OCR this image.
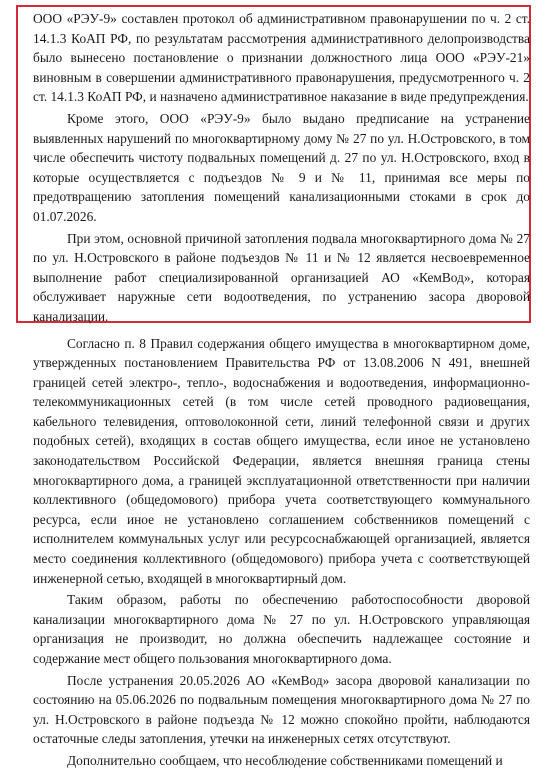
ООО «РЭУ-9» составлен протокол об административном правонарушении по ч. 2 ст. 14.1.3 КоАП РФ, по результатам рассмотрения административного делопроизводства было вынесено постановление о признании должностного лица ООО «РЭУ-21» виновным в совершении административного правонарушения, предусмотренного ч. 2 ст. 14.1.3 КоАП РФ, и назначено административное наказание в виде предупреждения.

Кроме этого, ООО «РЭУ-9» было выдано предписание на устранение выявленных нарушений по многоквартирному дому № 27 по ул. Н.Островского, в том числе обеспечить чистоту подвальных помещений д. 27 по ул. Н.Островского, вход в которые осуществляется с подъездов № 9 и № 11, принимая все меры по предотвращению затопления помещений канализационными стоками в срок до 01.07.2026.

При этом, основной причиной затопления подвала многоквартирного дома № 27 по ул. Н.Островского в районе подъездов № 11 и № 12 является несвоевременное выполнение работ специализированной организацией АО «КемВод», которая обслуживает наружные сети водоотведения, по устранению засора дворовой канализации.

Согласно п. 8 Правил содержания общего имущества в многоквартирном доме, утвержденных постановлением Правительства РФ от 13.08.2006 N 491, внешней границей сетей электро-, тепло-, водоснабжения и водоотведения, информационно-телекоммуникационных сетей (в том числе сетей проводного радиовещания, кабельного телевидения, оптоволоконной сети, линий телефонной связи и других подобных сетей), входящих в состав общего имущества, если иное не установлено законодательством Российской Федерации, является внешняя граница стены многоквартирного дома, а границей эксплуатационной ответственности при наличии коллективного (общедомового) прибора учета соответствующего коммунального ресурса, если иное не установлено соглашением собственников помещений с исполнителем коммунальных услуг или ресурсоснабжающей организацией, является место соединения коллективного (общедомового) прибора учета с соответствующей инженерной сетью, входящей в многоквартирный дом.

Таким образом, работы по обеспечению работоспособности дворовой канализации многоквартирного дома № 27 по ул. Н.Островского управляющая организация не производит, но должна обеспечить надлежащее состояние и содержание мест общего пользования многоквартирного дома.

После устранения 20.05.2026 АО «КемВод» засора дворовой канализации по состоянию на 05.06.2026 по подвальным помещения многоквартирного дома № 27 по ул. Н.Островского в районе подъезда № 12 можно спокойно пройти, наблюдаются остаточные следы затопления, утечки на инженерных сетях отсутствуют.

Дополнительно сообщаем, что несоблюдение собственниками помещений и
